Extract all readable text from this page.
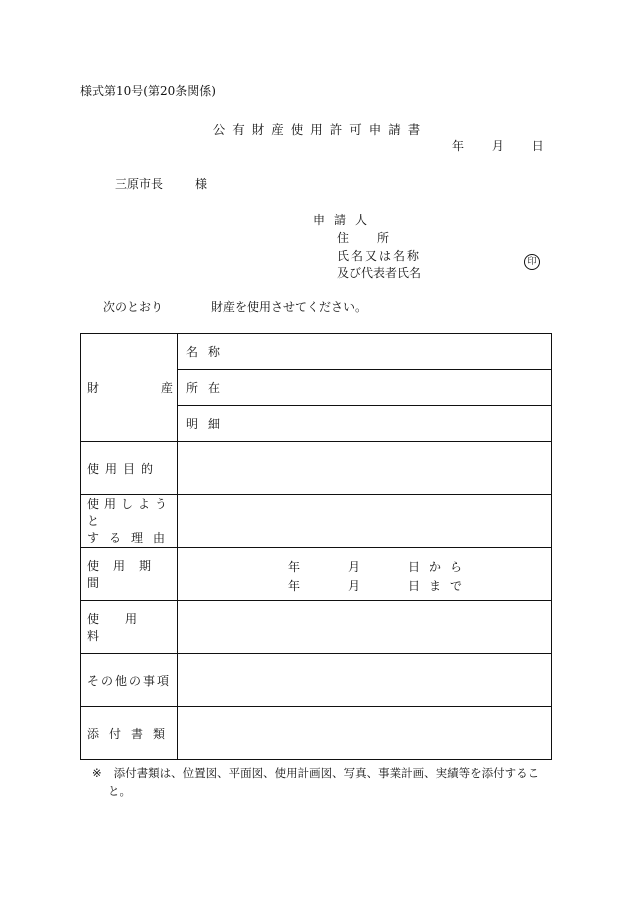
様式第10号(第20条関係)
公有財産使用許可申請書
年 月 日
三原市長	様
申請人
住所
氏名又は名称
及び代表者氏名
印
次のとおり	財産を使用させてください。
財 産	名称
	所在
	明細
使用目的	

使用しようと
する理由	

使用期間	年 月 日から
年 月 日まで

使用料	
その他の事項	
添付書類	
※ 添付書類は、位置図、平面図、使用計画図、写真、事業計画、実績等を添付するこ
と。
